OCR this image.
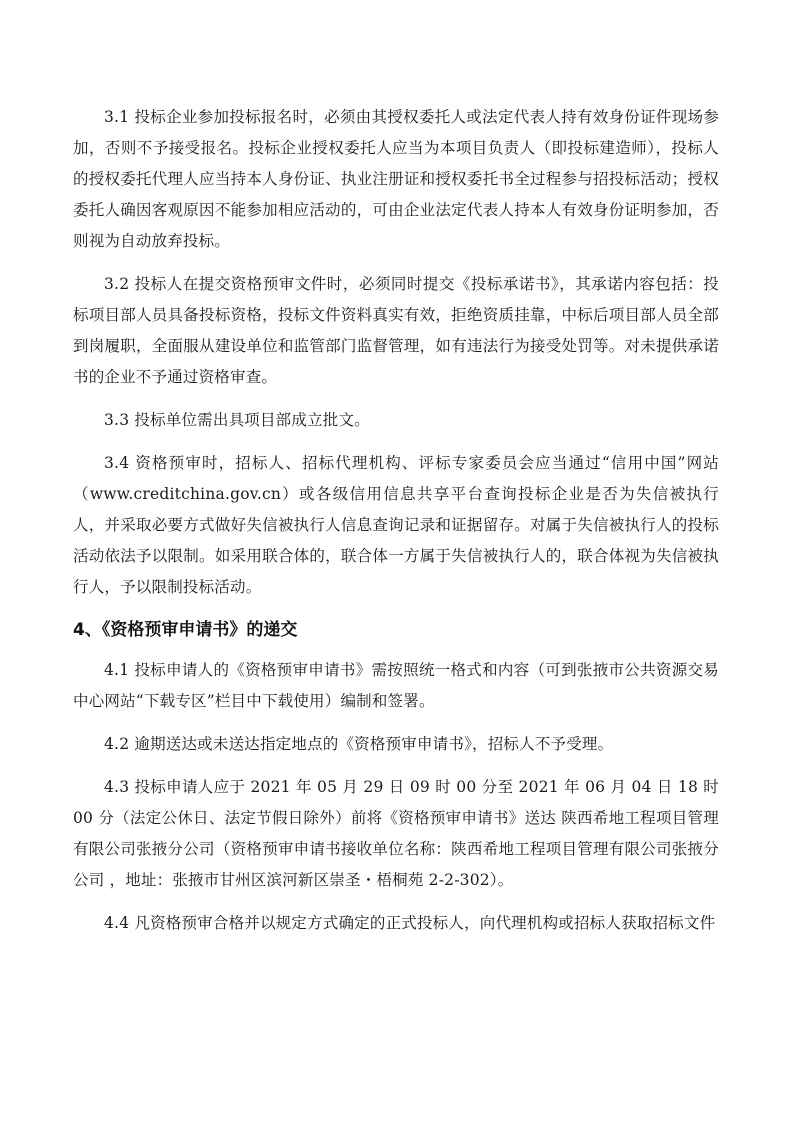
3.1 投标企业参加投标报名时，必须由其授权委托人或法定代表人持有效身份证件现场参加，否则不予接受报名。投标企业授权委托人应当为本项目负责人（即投标建造师），投标人的授权委托代理人应当持本人身份证、执业注册证和授权委托书全过程参与招投标活动；授权委托人确因客观原因不能参加相应活动的，可由企业法定代表人持本人有效身份证明参加，否则视为自动放弃投标。

3.2 投标人在提交资格预审文件时，必须同时提交《投标承诺书》，其承诺内容包括：投标项目部人员具备投标资格，投标文件资料真实有效，拒绝资质挂靠，中标后项目部人员全部到岗履职，全面服从建设单位和监管部门监督管理，如有违法行为接受处罚等。对未提供承诺书的企业不予通过资格审查。

3.3 投标单位需出具项目部成立批文。

3.4 资格预审时，招标人、招标代理机构、评标专家委员会应当通过“信用中国”网站（www.creditchina.gov.cn）或各级信用信息共享平台查询投标企业是否为失信被执行人，并采取必要方式做好失信被执行人信息查询记录和证据留存。对属于失信被执行人的投标活动依法予以限制。如采用联合体的，联合体一方属于失信被执行人的，联合体视为失信被执行人，予以限制投标活动。

4、《资格预审申请书》的递交

4.1 投标申请人的《资格预审申请书》需按照统一格式和内容（可到张掖市公共资源交易中心网站“下载专区”栏目中下载使用）编制和签署。

4.2 逾期送达或未送达指定地点的《资格预审申请书》，招标人不予受理。

4.3 投标申请人应于 2021 年 05 月 29 日 09 时 00 分至 2021 年 06 月 04 日 18 时 00 分（法定公休日、法定节假日除外）前将《资格预审申请书》送达 陕西希地工程项目管理有限公司张掖分公司（资格预审申请书接收单位名称：陕西希地工程项目管理有限公司张掖分公司 ，地址：张掖市甘州区滨河新区崇圣・梧桐苑 2-2-302）。

4.4 凡资格预审合格并以规定方式确定的正式投标人，向代理机构或招标人获取招标文件
